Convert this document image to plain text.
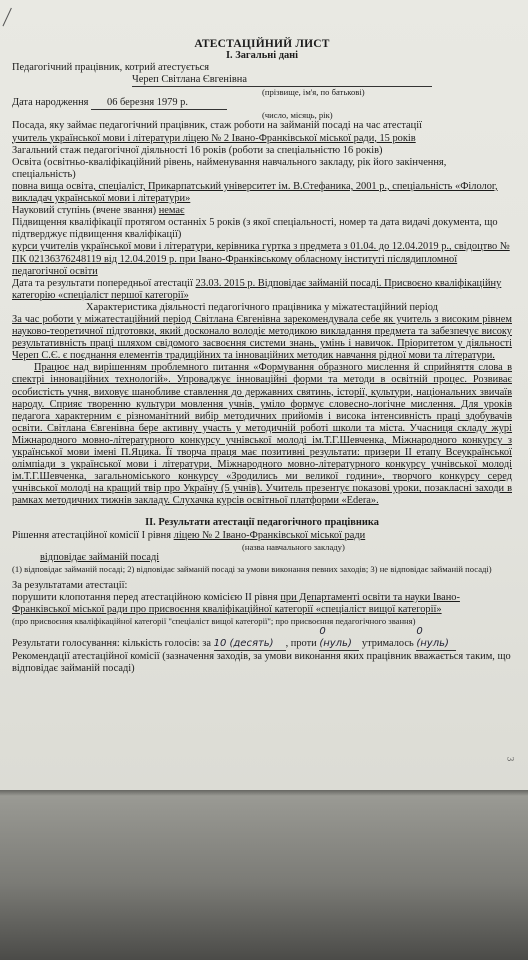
АТЕСТАЦІЙНИЙ ЛИСТ

І. Загальні дані

Педагогічний працівник, котрий атестується

Череп Світлана Євгенівна

(прізвище, ім'я, по батькові)

Дата народження 06 березня 1979 р.

(число, місяць, рік)

Посада, яку займає педагогічний працівник, стаж роботи на займаній посаді на час атестації

учитель української мови і літератури ліцею № 2 Івано-Франківської міської ради, 15 років

Загальний стаж педагогічної діяльності 16 років (роботи за спеціальністю 16 років)

Освіта (освітньо-кваліфікаційний рівень, найменування навчального закладу, рік його закінчення, спеціальність)

повна вища освіта, спеціаліст, Прикарпатський університет ім. В.Стефаника, 2001 р., спеціальність «Філолог, викладач української мови і літератури»

Науковий ступінь (вчене звання) немає

Підвищення кваліфікації протягом останніх 5 років (з якої спеціальності, номер та дата видачі документа, що підтверджує підвищення кваліфікації)

курси учителів української мови і літератури, керівника гуртка з предмета з 01.04. до 12.04.2019 р., свідоцтво № ПК 02136376248119 від 12.04.2019 р. при Івано-Франківському обласному інституті післядипломної педагогічної освіти

Дата та результати попередньої атестації 23.03. 2015 р. Відповідає займаній посаді. Присвоєно кваліфікаційну категорію «спеціаліст першої категорії»

Характеристика діяльності педагогічного працівника у міжатестаційний період

За час роботи у міжатестаційний період Світлана Євгенівна зарекомендувала себе як учитель з високим рівнем науково-теоретичної підготовки, який досконало володіє методикою викладання предмета та забезпечує високу результативність праці шляхом свідомого засвоєння системи знань, умінь і навичок. Пріоритетом у діяльності Череп С.Є. є поєднання елементів традиційних та інноваційних методик навчання рідної мови та літератури.

Працює над вирішенням проблемного питання «Формування образного мислення й сприйняття слова в спектрі інноваційних технологій». Упроваджує інноваційні форми та методи в освітній процес. Розвиває особистість учня, виховує шанобливе ставлення до державних святинь, історії, культури, національних звичаїв народу. Сприяє творенню культури мовлення учнів, уміло формує словесно-логічне мислення. Для уроків педагога характерним є різноманітний вибір методичних прийомів і висока інтенсивність праці здобувачів освіти. Світлана Євгенівна бере активну участь у методичній роботі школи та міста. Учасниця складу журі Міжнародного мовно-літературного конкурсу учнівської молоді ім.Т.Г.Шевченка, Міжнародного конкурсу з української мови імені П.Яцика. Її творча праця має позитивні результати: призери ІІ етапу Всеукраїнської олімпіади з української мови і літератури, Міжнародного мовно-літературного конкурсу учнівської молоді ім.Т.Г.Шевченка, загальноміського конкурсу «Зродились ми великої години», творчого конкурсу серед учнівської молоді на кращий твір про Україну (5 учнів). Учитель презентує показові уроки, позакласні заходи в рамках методичних тижнів закладу. Слухачка курсів освітньої платформи «Edera».

ІІ. Результати атестації педагогічного працівника

Рішення атестаційної комісії І рівня ліцею № 2 Івано-Франківської міської ради

(назва навчального закладу)

відповідає займаній посаді

(1) відповідає займаній посаді; 2) відповідає займаній посаді за умови виконання певних заходів; 3) не відповідає займаній посаді)

За результатами атестації:

порушити клопотання перед атестаційною комісією ІІ рівня при Департаменті освіти та науки Івано-Франківської міської ради про присвоєння кваліфікаційної категорії «спеціаліст вищої категорії»

(про присвоєння кваліфікаційної категорії "спеціаліст вищої категорії"; про присвоєння педагогічного звання)

Результати голосування: кількість голосів: за 10 (десять) , проти 0 (нуль) утрималось 0 (нуль)

Рекомендації атестаційної комісії (зазначення заходів, за умови виконання яких працівник вважається таким, що відповідає займаній посаді)

3
